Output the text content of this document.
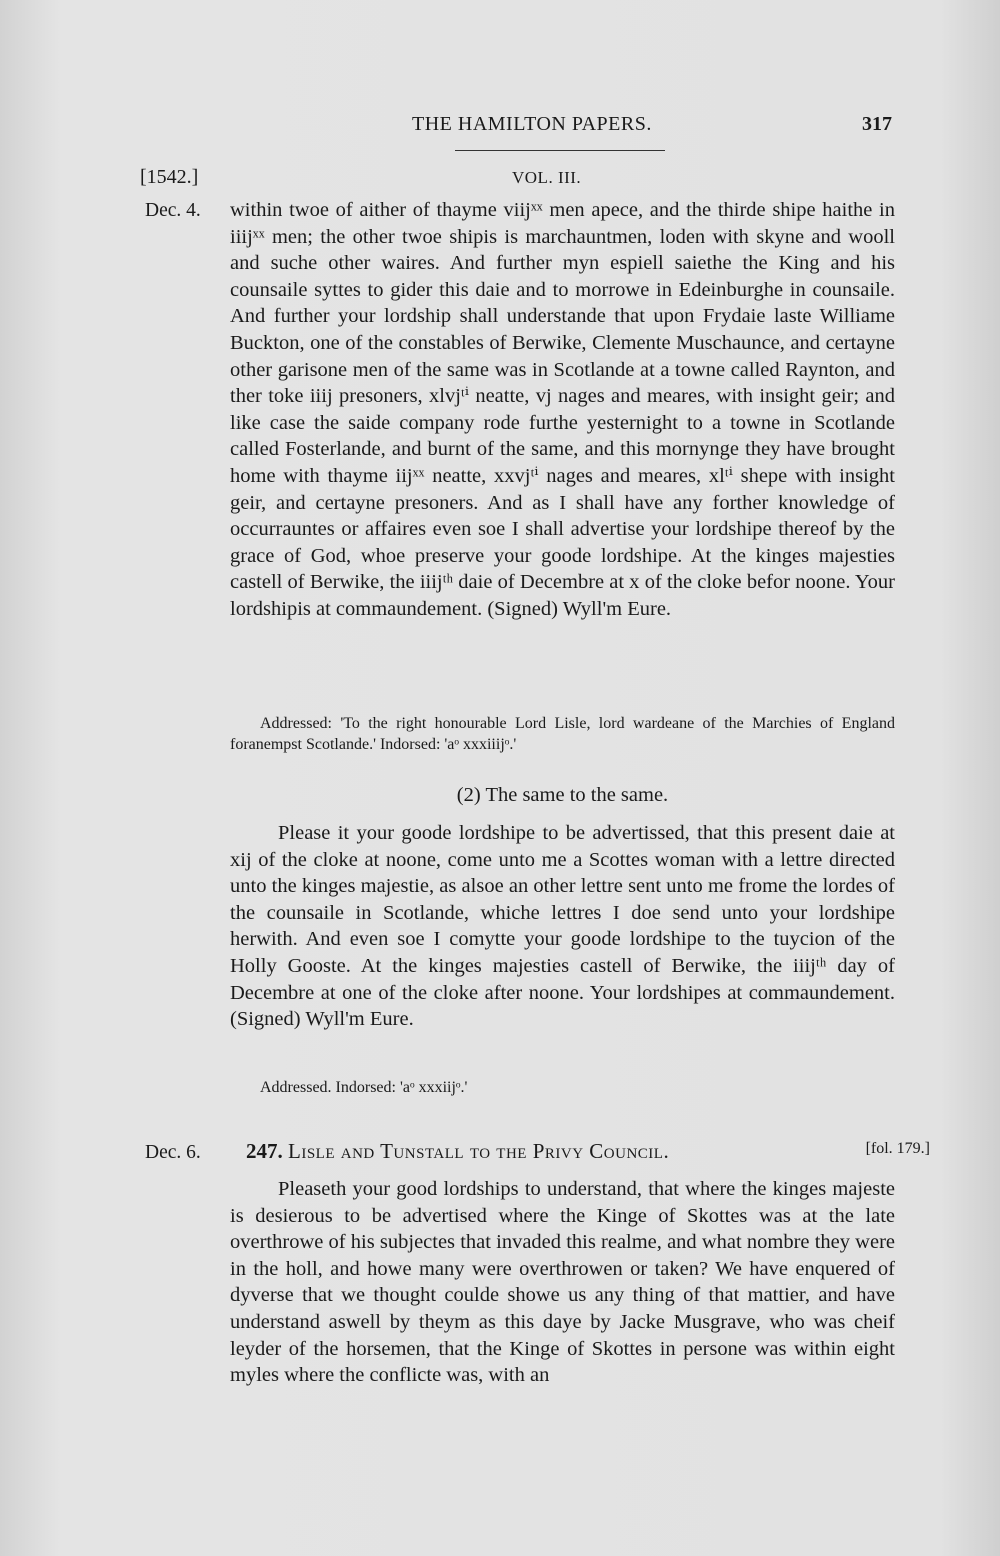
THE HAMILTON PAPERS.	317
[1542.]	VOL. III.
Dec. 4. within twoe of aither of thayme viijˣˣ men apece, and the thirde shipe haithe in iiijˣˣ men; the other twoe shipis is marchauntmen, loden with skyne and wooll and suche other waires. And further myn espiell saiethe the King and his counsaile syttes to gider this daie and to morrowe in Edeinburghe in counsaile. And further your lordship shall understande that upon Frydaie laste Williame Buckton, one of the constables of Berwike, Clemente Muschaunce, and certayne other garisone men of the same was in Scotlande at a towne called Raynton, and ther toke iiij presoners, xlvjᵗⁱ neatte, vj nages and meares, with insight geir; and like case the saide company rode furthe yesternight to a towne in Scotlande called Fosterlande, and burnt of the same, and this mornynge they have brought home with thayme iijˣˣ neatte, xxvjᵗⁱ nages and meares, xlᵗⁱ shepe with insight geir, and certayne presoners. And as I shall have any forther knowledge of occurrauntes or affaires even soe I shall advertise your lordshipe thereof by the grace of God, whoe preserve your goode lordshipe. At the kinges majesties castell of Berwike, the iiijᵗʰ daie of Decembre at x of the cloke befor noone. Your lordshipis at commaundement. (Signed) Wyll'm Eure.

Addressed: 'To the right honourable Lord Lisle, lord wardeane of the Marchies of England foranempst Scotlande.' Indorsed: 'aᵒ xxxiiijᵒ.'

(2) The same to the same.

Please it your goode lordshipe to be advertissed, that this present daie at xij of the cloke at noone, come unto me a Scottes woman with a lettre directed unto the kinges majestie, as alsoe an other lettre sent unto me frome the lordes of the counsaile in Scotlande, whiche lettres I doe send unto your lordshipe herwith. And even soe I comytte your goode lordshipe to the tuycion of the Holly Gooste. At the kinges majesties castell of Berwike, the iiijᵗʰ day of Decembre at one of the cloke after noone. Your lordshipes at commaundement. (Signed) Wyll'm Eure.

Addressed. Indorsed: 'aᵒ xxxiijᵒ.'

Dec. 6. 247. Lisle and Tunstall to the Privy Council.	[fol. 179.]

Pleaseth your good lordships to understand, that where the kinges majeste is desierous to be advertised where the Kinge of Skottes was at the late overthrowe of his subjectes that invaded this realme, and what nombre they were in the holl, and howe many were overthrowen or taken? We have enquered of dyverse that we thought coulde showe us any thing of that mattier, and have understand aswell by theym as this daye by Jacke Musgrave, who was cheif leyder of the horsemen, that the Kinge of Skottes in persone was within eight myles where the conflicte was, with an
